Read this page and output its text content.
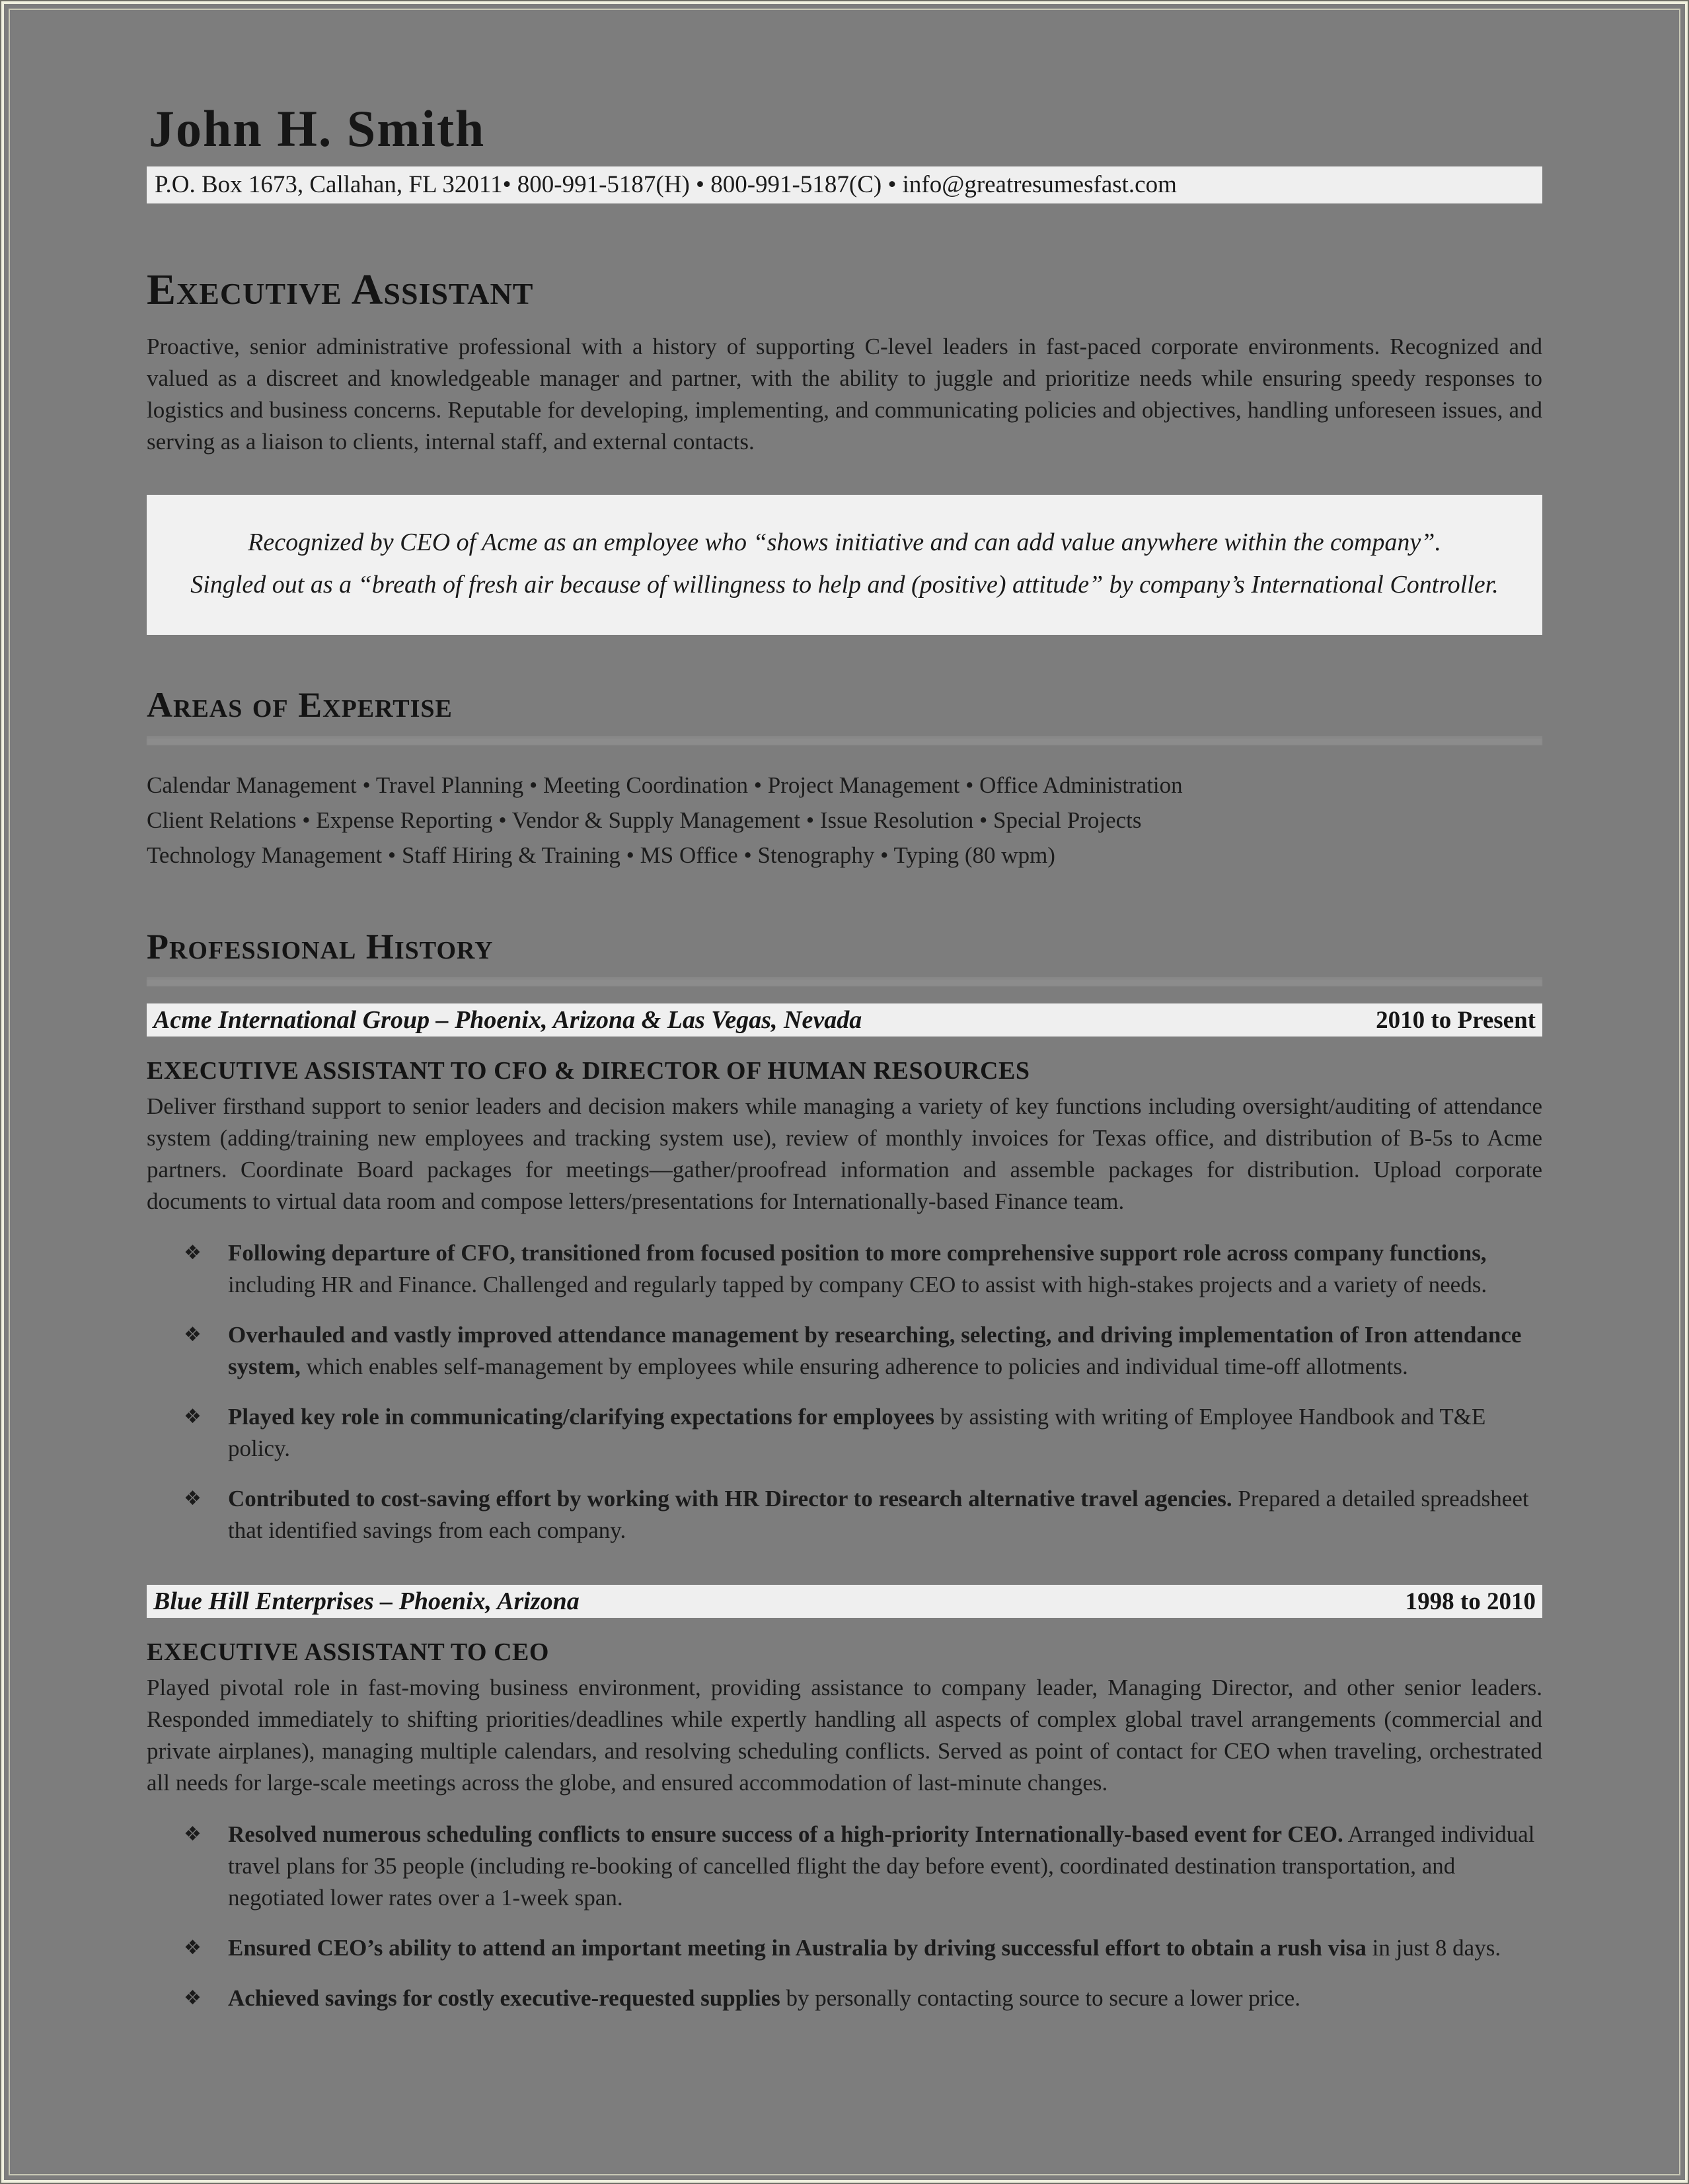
John H. Smith
P.O. Box 1673, Callahan, FL 32011• 800-991-5187(H) • 800-991-5187(C) • info@greatresumesfast.com
Executive Assistant

Proactive, senior administrative professional with a history of supporting C-level leaders in fast-paced corporate environments. Recognized and valued as a discreet and knowledgeable manager and partner, with the ability to juggle and prioritize needs while ensuring speedy responses to logistics and business concerns. Reputable for developing, implementing, and communicating policies and objectives, handling unforeseen issues, and serving as a liaison to clients, internal staff, and external contacts.

Recognized by CEO of Acme as an employee who “shows initiative and can add value anywhere within the company”.

Singled out as a “breath of fresh air because of willingness to help and (positive) attitude” by company’s International Controller.

Areas of Expertise

Calendar Management • Travel Planning • Meeting Coordination • Project Management • Office Administration

Client Relations • Expense Reporting • Vendor & Supply Management • Issue Resolution • Special Projects

Technology Management • Staff Hiring & Training • MS Office • Stenography • Typing (80 wpm)

Professional History
Acme International Group – Phoenix, Arizona & Las Vegas, Nevada	2010 to Present
EXECUTIVE ASSISTANT TO CFO & DIRECTOR OF HUMAN RESOURCES

Deliver firsthand support to senior leaders and decision makers while managing a variety of key functions including oversight/auditing of attendance system (adding/training new employees and tracking system use), review of monthly invoices for Texas office, and distribution of B-5s to Acme partners. Coordinate Board packages for meetings—gather/proofread information and assemble packages for distribution. Upload corporate documents to virtual data room and compose letters/presentations for Internationally-based Finance team.

❖	Following departure of CFO, transitioned from focused position to more comprehensive support role across company functions, including HR and Finance. Challenged and regularly tapped by company CEO to assist with high-stakes projects and a variety of needs.
❖	Overhauled and vastly improved attendance management by researching, selecting, and driving implementation of Iron attendance system, which enables self-management by employees while ensuring adherence to policies and individual time-off allotments.
❖	Played key role in communicating/clarifying expectations for employees by assisting with writing of Employee Handbook and T&E policy.
❖	Contributed to cost-saving effort by working with HR Director to research alternative travel agencies. Prepared a detailed spreadsheet that identified savings from each company.
Blue Hill Enterprises – Phoenix, Arizona	1998 to 2010
EXECUTIVE ASSISTANT TO CEO

Played pivotal role in fast-moving business environment, providing assistance to company leader, Managing Director, and other senior leaders. Responded immediately to shifting priorities/deadlines while expertly handling all aspects of complex global travel arrangements (commercial and private airplanes), managing multiple calendars, and resolving scheduling conflicts. Served as point of contact for CEO when traveling, orchestrated all needs for large-scale meetings across the globe, and ensured accommodation of last-minute changes.

❖	Resolved numerous scheduling conflicts to ensure success of a high-priority Internationally-based event for CEO. Arranged individual travel plans for 35 people (including re-booking of cancelled flight the day before event), coordinated destination transportation, and negotiated lower rates over a 1-week span.
❖	Ensured CEO’s ability to attend an important meeting in Australia by driving successful effort to obtain a rush visa in just 8 days.
❖	Achieved savings for costly executive-requested supplies by personally contacting source to secure a lower price.
